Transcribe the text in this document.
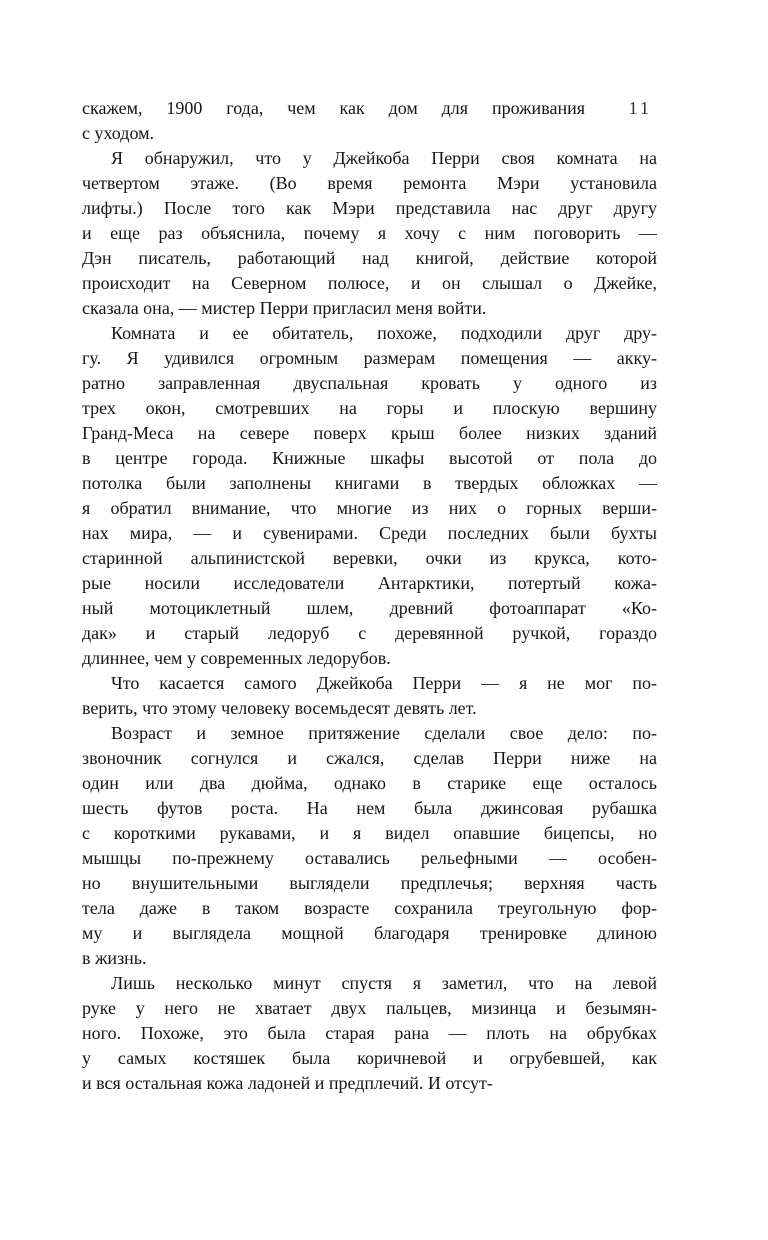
11
скажем, 1900 года, чем как дом для проживания
с уходом.
Я обнаружил, что у Джейкоба Перри своя комната на
четвертом этаже. (Во время ремонта Мэри установила
лифты.) После того как Мэри представила нас друг другу
и еще раз объяснила, почему я хочу с ним поговорить —
Дэн писатель, работающий над книгой, действие которой
происходит на Северном полюсе, и он слышал о Джейке,
сказала она, — мистер Перри пригласил меня войти.
Комната и ее обитатель, похоже, подходили друг дру-
гу. Я удивился огромным размерам помещения — акку-
ратно заправленная двуспальная кровать у одного из
трех окон, смотревших на горы и плоскую вершину
Гранд-Меса на севере поверх крыш более низких зданий
в центре города. Книжные шкафы высотой от пола до
потолка были заполнены книгами в твердых обложках —
я обратил внимание, что многие из них о горных верши-
нах мира, — и сувенирами. Среди последних были бухты
старинной альпинистской веревки, очки из крукса, кото-
рые носили исследователи Антарктики, потертый кожа-
ный мотоциклетный шлем, древний фотоаппарат «Ко-
дак» и старый ледоруб с деревянной ручкой, гораздо
длиннее, чем у современных ледорубов.
Что касается самого Джейкоба Перри — я не мог по-
верить, что этому человеку восемьдесят девять лет.
Возраст и земное притяжение сделали свое дело: по-
звоночник согнулся и сжался, сделав Перри ниже на
один или два дюйма, однако в старике еще осталось
шесть футов роста. На нем была джинсовая рубашка
с короткими рукавами, и я видел опавшие бицепсы, но
мышцы по-прежнему оставались рельефными — особен-
но внушительными выглядели предплечья; верхняя часть
тела даже в таком возрасте сохранила треугольную фор-
му и выглядела мощной благодаря тренировке длиною
в жизнь.
Лишь несколько минут спустя я заметил, что на левой
руке у него не хватает двух пальцев, мизинца и безымян-
ного. Похоже, это была старая рана — плоть на обрубках
у самых костяшек была коричневой и огрубевшей, как
и вся остальная кожа ладоней и предплечий. И отсут-
